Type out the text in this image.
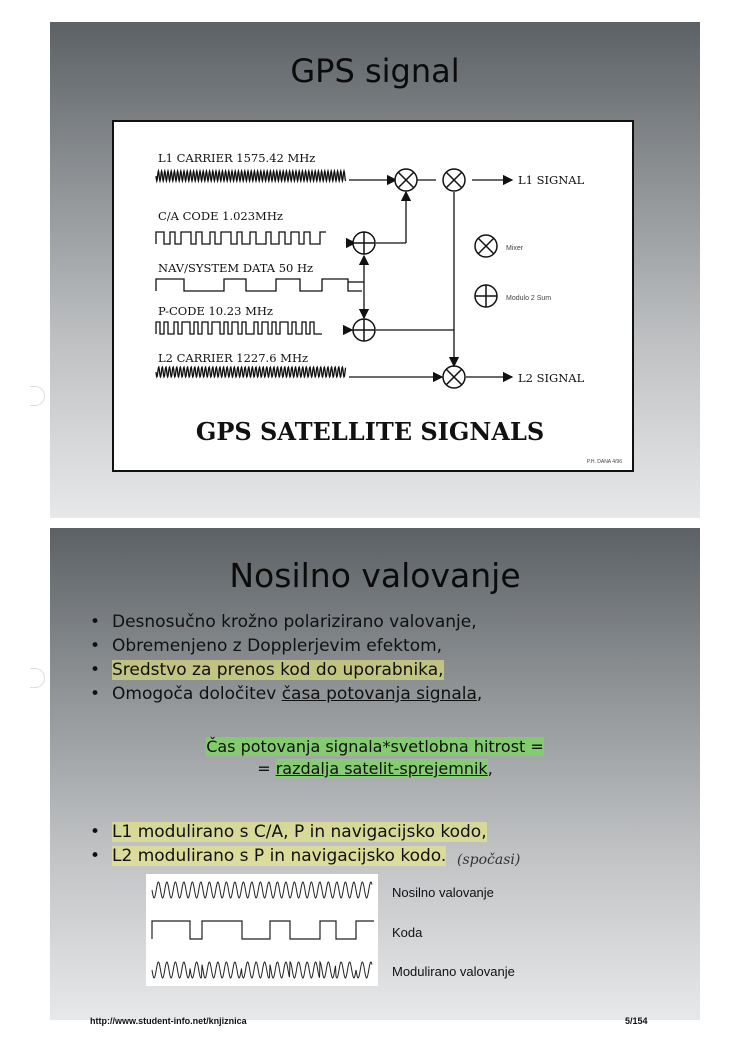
GPS signal
L1 CARRIER 1575.42 MHz
C/A CODE 1.023MHz
NAV/SYSTEM DATA 50 Hz
P-CODE 10.23 MHz
L2 CARRIER 1227.6 MHz
L1 SIGNAL
L2 SIGNAL
Mixer
Modulo 2 Sum
GPS SATELLITE SIGNALS
P.H. DANA 4/96
Nosilno valovanje
• Desnosučno krožno polarizirano valovanje,
• Obremenjeno z Dopplerjevim efektom,
• Sredstvo za prenos kod do uporabnika,
• Omogoča določitev časa potovanja signala,
Čas potovanja signala*svetlobna hitrost =
= razdalja satelit-sprejemnik,
• L1 modulirano s C/A, P in navigacijsko kodo,
• L2 modulirano s P in navigacijsko kodo. (spočasi)
Nosilno valovanje
Koda
Modulirano valovanje
http://www.student-info.net/knjiznica	5/154
